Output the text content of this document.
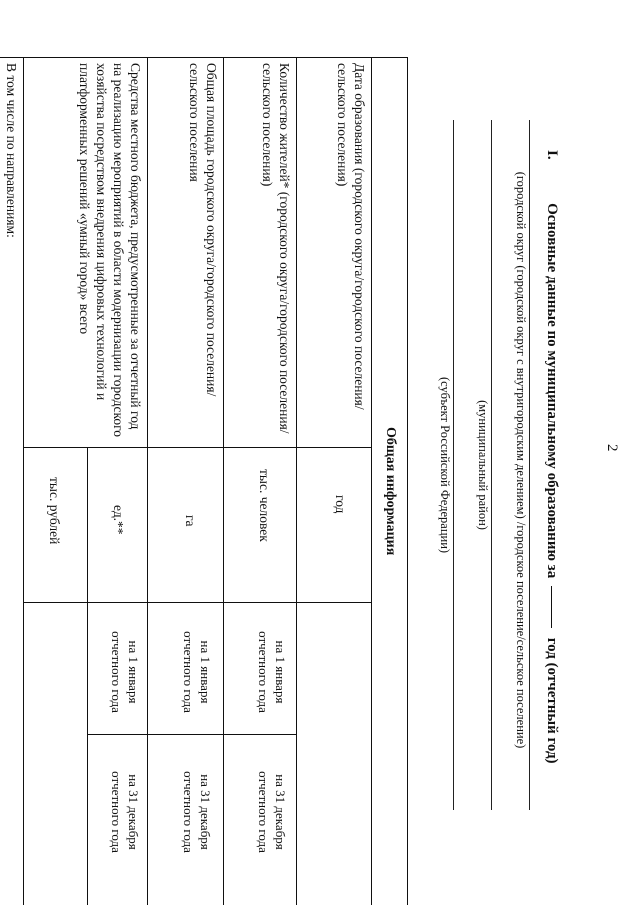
2
I.  Основные данные по муниципальному образованию за  год (отчетный год)
(городской округ (городской округ с внутригородским делением) /городское поселение/сельское поселение)
(муниципальный район)
(субъект Российской Федерации)
Общая информация
Дата образования (городского округа/городского поселения/сельского поселения)
год
Количество жителей* (городского округа/городского поселения/сельского поселения)
тыс. человек
на 1 января отчетного года
на 31 декабря отчетного года
Общая площадь городского округа/городского поселения/сельского поселения
га
на 1 января отчетного года
на 31 декабря отчетного года
Средства местного бюджета, предусмотренные за отчетный год на реализацию мероприятий в области модернизации городского хозяйства посредством внедрения цифровых технологий и платформенных решений «умный город» всего
ед.**
на 1 января отчетного года
на 31 декабря отчетного года
тыс. рублей
В том числе по направлениям:
